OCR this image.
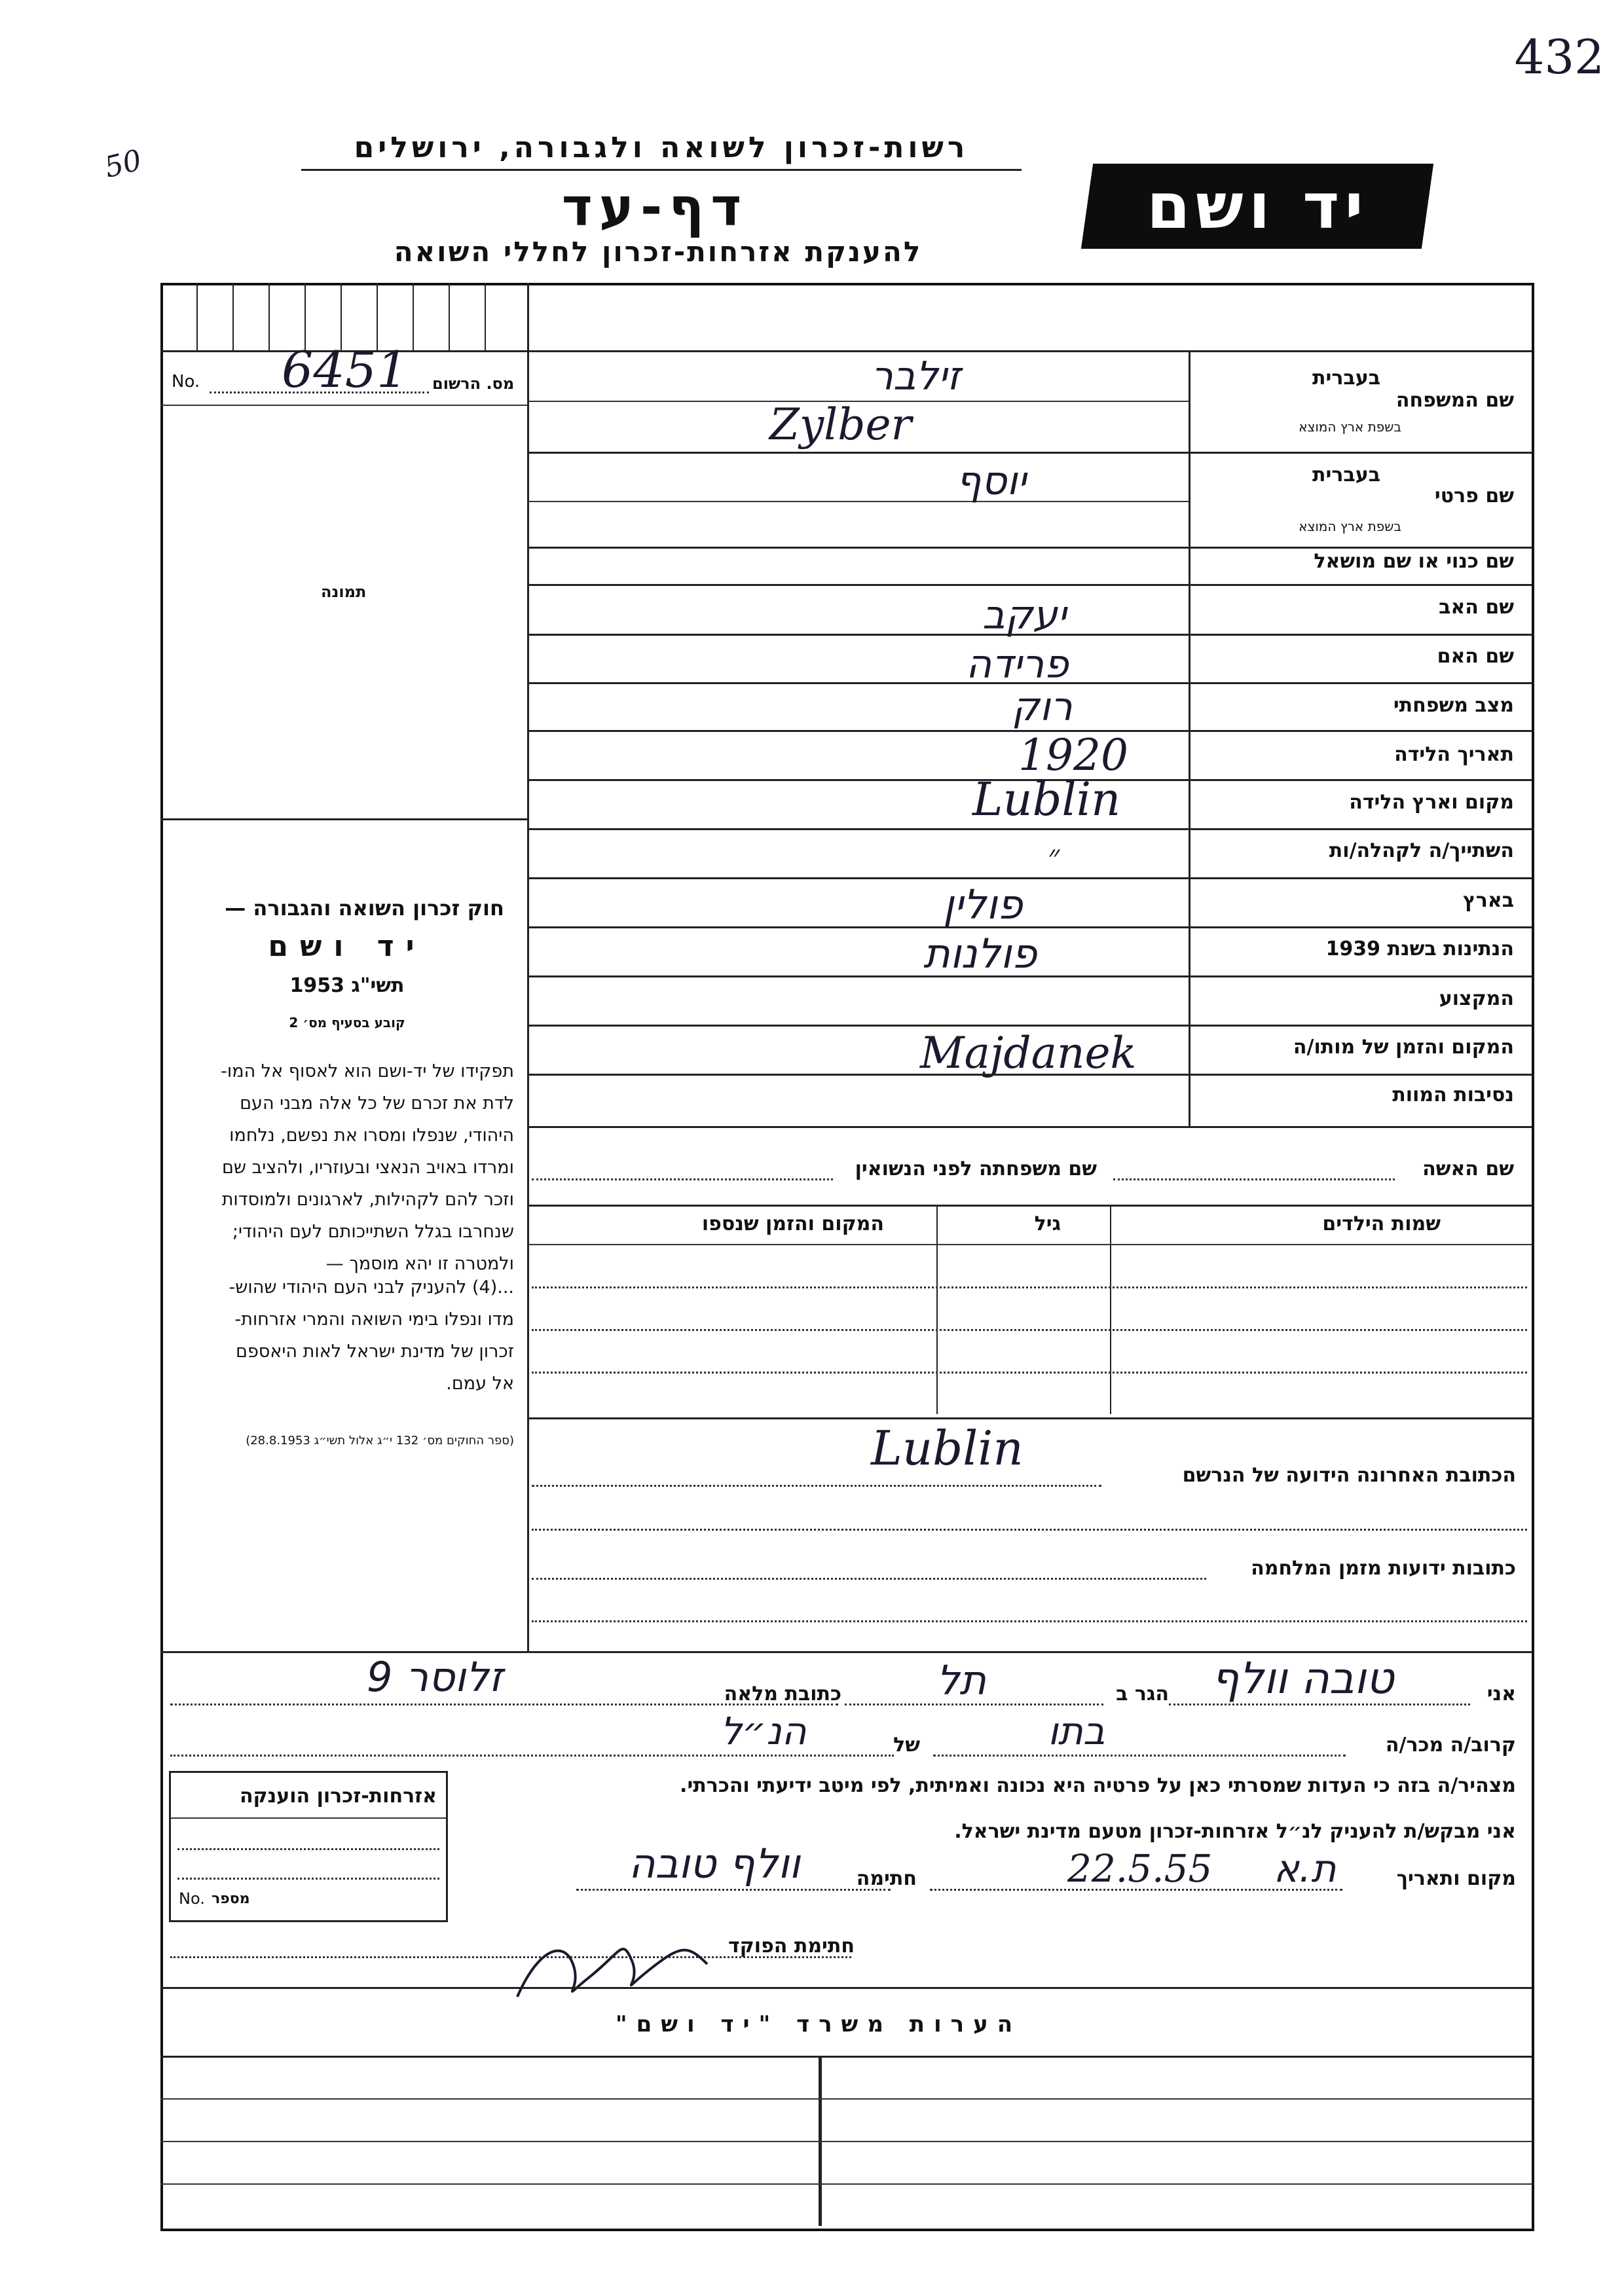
432
50	רשות-זכרון לשואה ולגבורה, ירושלים
דף-עד
להענקת אזרחות-זכרון לחללי השואה
יד ושם
No. 6451 מס. הרשום
תמונה
חוק זכרון השואה והגבורה —
יד ושם
תשי"ג 1953
קובע בסעיף מס׳ 2
תפקידו של יד-ושם הוא לאסוף אל המו-
לדת את זכרם של כל אלה מבני העם
היהודי, שנפלו ומסרו את נפשם, נלחמו
ומרדו באויב הנאצי ובעוזריו, ולהציב שם
וזכר להם לקהילות, לארגונים ולמוסדות
שנחרבו בגלל השתייכותם לעם היהודי;
ולמטרה זו יהא מוסמך —
...(4) להעניק לבני העם היהודי שהוש-
מדו ונפלו בימי השואה והמרי אזרחות-
זכרון של מדינת ישראל לאות היאספם
אל עמם.
(ספר החוקים מס׳ 132 י״ג אלול תשי״ג 28.8.1953)
בעברית
שם המשפחה
בשפת ארץ המוצא
זילבר
Zylber
בעברית
שם פרטי
בשפת ארץ המוצא
יוסף
שם כנוי או שם מושאל
שם האב
יעקב
שם האם
פרידה
מצב משפחתי
רוק
תאריך הלידה
1920
מקום וארץ הלידה
Lublin
השתייך/ה לקהלה/ות
״
בארץ
פולין
הנתינות בשנת 1939
פולנות
המקצוע
המקום והזמן של מותו/ה
Majdanek
נסיבות המוות
שם האשה
שם משפחתה לפני הנשואין
שמות הילדים
גיל
המקום והזמן שנספו
Lublin	הכתובת האחרונה הידועה של הנרשם
כתובות ידועות מזמן המלחמה
אני
טובה וולף
הגר ב
תל
כתובת מלאה
זלוסר 9
קרוב/ה מכר/ה
בתו
של
הנ״ל
מצהיר/ה בזה כי העדות שמסרתי כאן על פרטיה היא נכונה ואמיתית, לפי מיטב ידיעתי והכרתי.
אני מבקש/ת להעניק לנ״ל אזרחות-זכרון מטעם מדינת ישראל.
מקום ותאריך
22.5.55 ת.א
חתימה
וולף טובה
חתימת הפוקד
אזרחות-זכרון הוענקה
No. מספר
הערות משרד "יד ושם"
